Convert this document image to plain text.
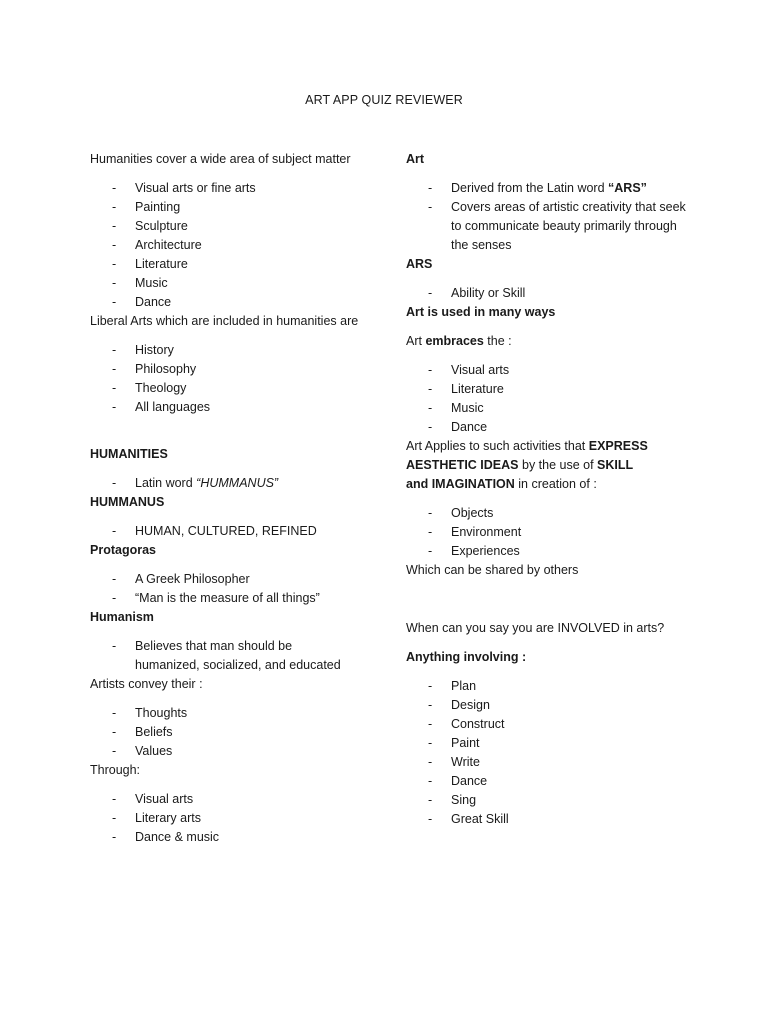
ART APP QUIZ REVIEWER

Humanities cover a wide area of subject matter

- Visual arts or fine arts
- Painting
- Sculpture
- Architecture
- Literature
- Music
- Dance

Liberal Arts which are included in humanities are

- History
- Philosophy
- Theology
- All languages

HUMANITIES

- Latin word “HUMMANUS”

HUMMANUS

- HUMAN, CULTURED, REFINED

Protagoras

- A Greek Philosopher
- “Man is the measure of all things”

Humanism

- Believes that man should be humanized, socialized, and educated

Artists convey their :

- Thoughts
- Beliefs
- Values

Through:

- Visual arts
- Literary arts
- Dance & music

Art

- Derived from the Latin word “ARS”
- Covers areas of artistic creativity that seek to communicate beauty primarily through the senses

ARS

- Ability or Skill

Art is used in many ways

Art embraces the :

- Visual arts
- Literature
- Music
- Dance

Art Applies to such activities that EXPRESS AESTHETIC IDEAS by the use of SKILL and IMAGINATION in creation of :

- Objects
- Environment
- Experiences

Which can be shared by others

When can you say you are INVOLVED in arts?

Anything involving :

- Plan
- Design
- Construct
- Paint
- Write
- Dance
- Sing
- Great Skill
